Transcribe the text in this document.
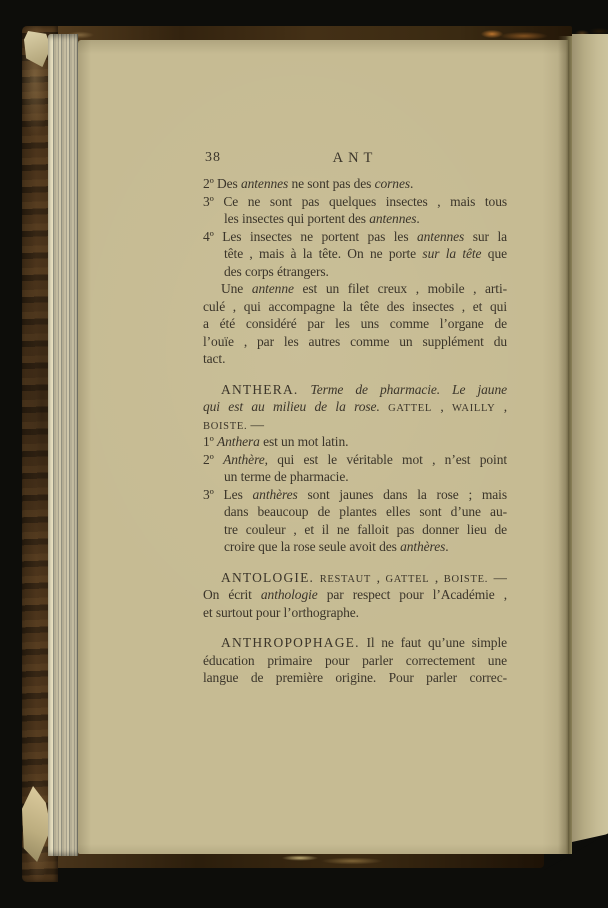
38	ANT
2º Des antennes ne sont pas des cornes.
3º Ce ne sont pas quelques insectes , mais tous
les insectes qui portent des antennes.
4º Les insectes ne portent pas les antennes sur la
tête , mais à la tête. On ne porte sur la tête que
des corps étrangers.
Une antenne est un filet creux , mobile , arti-
culé , qui accompagne la tête des insectes , et qui
a été considéré par les uns comme l’organe de
l’ouïe , par les autres comme un supplément du
tact.
ANTHERA. Terme de pharmacie. Le jaune
qui est au milieu de la rose. GATTEL , WAILLY ,
BOISTE. —
1º Anthera est un mot latin.
2º Anthère, qui est le véritable mot , n’est point
un terme de pharmacie.
3º Les anthères sont jaunes dans la rose ; mais
dans beaucoup de plantes elles sont d’une au-
tre couleur , et il ne falloit pas donner lieu de
croire que la rose seule avoit des anthères.
ANTOLOGIE. RESTAUT , GATTEL , BOISTE. —
On écrit anthologie par respect pour l’Académie ,
et surtout pour l’orthographe.
ANTHROPOPHAGE. Il ne faut qu’une simple
éducation primaire pour parler correctement une
langue de première origine. Pour parler correc-
